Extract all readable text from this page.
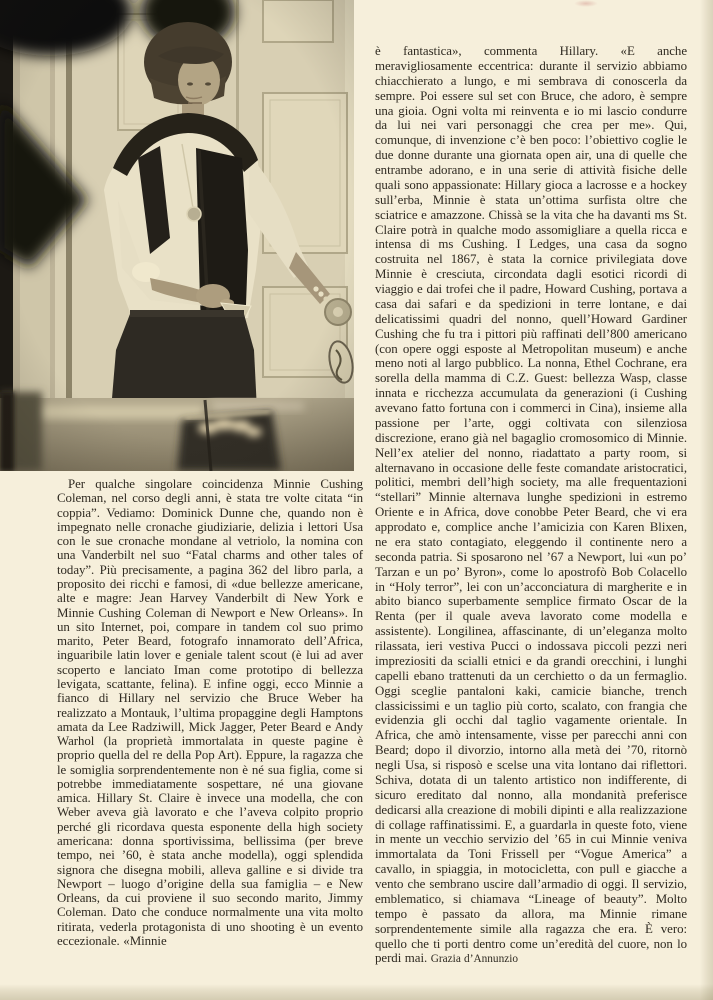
Per qualche singolare coincidenza Minnie Cushing Coleman, nel corso degli anni, è stata tre volte citata “in coppia”. Vediamo: Dominick Dunne che, quando non è impegnato nelle cronache giudiziarie, delizia i lettori Usa con le sue cronache mondane al vetriolo, la nomina con una Vanderbilt nel suo “Fatal charms and other tales of today”. Più precisamente, a pagina 362 del libro parla, a proposito dei ricchi e famosi, di «due bellezze americane, alte e magre: Jean Harvey Vanderbilt di New York e Minnie Cushing Coleman di Newport e New Orleans». In un sito Internet, poi, compare in tandem col suo primo marito, Peter Beard, fotografo innamorato dell’Africa, inguaribile latin lover e geniale talent scout (è lui ad aver scoperto e lanciato Iman come prototipo di bellezza levigata, scattante, felina). E infine oggi, ecco Minnie a fianco di Hillary nel servizio che Bruce Weber ha realizzato a Montauk, l’ultima propaggine degli Hamptons amata da Lee Radziwill, Mick Jagger, Peter Beard e Andy Warhol (la proprietà immortalata in queste pagine è proprio quella del re della Pop Art). Eppure, la ragazza che le somiglia sorprendentemente non è né sua figlia, come si potrebbe immediatamente sospettare, né una giovane amica. Hillary St. Claire è invece una modella, che con Weber aveva già lavorato e che l’aveva colpito proprio perché gli ricordava questa esponente della high society americana: donna sportivissima, bellissima (per breve tempo, nei ’60, è stata anche modella), oggi splendida signora che disegna mobili, alleva galline e si divide tra Newport – luogo d’origine della sua famiglia – e New Orleans, da cui proviene il suo secondo marito, Jimmy Coleman. Dato che conduce normalmente una vita molto ritirata, vederla protagonista di uno shooting è un evento eccezionale. «Minnie
è fantastica», commenta Hillary. «E anche meravigliosamente eccentrica: durante il servizio abbiamo chiacchierato a lungo, e mi sembrava di conoscerla da sempre. Poi essere sul set con Bruce, che adoro, è sempre una gioia. Ogni volta mi reinventa e io mi lascio condurre da lui nei vari personaggi che crea per me». Qui, comunque, di invenzione c’è ben poco: l’obiettivo coglie le due donne durante una giornata open air, una di quelle che entrambe adorano, e in una serie di attività fisiche delle quali sono appassionate: Hillary gioca a lacrosse e a hockey sull’erba, Minnie è stata un’ottima surfista oltre che sciatrice e amazzone. Chissà se la vita che ha davanti ms St. Claire potrà in qualche modo assomigliare a quella ricca e intensa di ms Cushing. I Ledges, una casa da sogno costruita nel 1867, è stata la cornice privilegiata dove Minnie è cresciuta, circondata dagli esotici ricordi di viaggio e dai trofei che il padre, Howard Cushing, portava a casa dai safari e da spedizioni in terre lontane, e dai delicatissimi quadri del nonno, quell’Howard Gardiner Cushing che fu tra i pittori più raffinati dell’800 americano (con opere oggi esposte al Metropolitan museum) e anche meno noti al largo pubblico. La nonna, Ethel Cochrane, era sorella della mamma di C.Z. Guest: bellezza Wasp, classe innata e ricchezza accumulata da generazioni (i Cushing avevano fatto fortuna con i commerci in Cina), insieme alla passione per l’arte, oggi coltivata con silenziosa discrezione, erano già nel bagaglio cromosomico di Minnie. Nell’ex atelier del nonno, riadattato a party room, si alternavano in occasione delle feste comandate aristocratici, politici, membri dell’high society, ma alle frequentazioni “stellari” Minnie alternava lunghe spedizioni in estremo Oriente e in Africa, dove conobbe Peter Beard, che vi era approdato e, complice anche l’amicizia con Karen Blixen, ne era stato contagiato, eleggendo il continente nero a seconda patria. Si sposarono nel ’67 a Newport, lui «un po’ Tarzan e un po’ Byron», come lo apostrofò Bob Colacello in “Holy terror”, lei con un’acconciatura di margherite e in abito bianco superbamente semplice firmato Oscar de la Renta (per il quale aveva lavorato come modella e assistente). Longilinea, affascinante, di un’eleganza molto rilassata, ieri vestiva Pucci o indossava piccoli pezzi neri impreziositi da scialli etnici e da grandi orecchini, i lunghi capelli ebano trattenuti da un cerchietto o da un fermaglio. Oggi sceglie pantaloni kaki, camicie bianche, trench classicissimi e un taglio più corto, scalato, con frangia che evidenzia gli occhi dal taglio vagamente orientale. In Africa, che amò intensamente, visse per parecchi anni con Beard; dopo il divorzio, intorno alla metà dei ’70, ritornò negli Usa, si risposò e scelse una vita lontano dai riflettori. Schiva, dotata di un talento artistico non indifferente, di sicuro ereditato dal nonno, alla mondanità preferisce dedicarsi alla creazione di mobili dipinti e alla realizzazione di collage raffinatissimi. E, a guardarla in queste foto, viene in mente un vecchio servizio del ’65 in cui Minnie veniva immortalata da Toni Frissell per “Vogue America” a cavallo, in spiaggia, in motocicletta, con pull e giacche a vento che sembrano uscire dall’armadio di oggi. Il servizio, emblematico, si chiamava “Lineage of beauty”. Molto tempo è passato da allora, ma Minnie rimane sorprendentemente simile alla ragazza che era. È vero: quello che ti porti dentro come un’eredità del cuore, non lo perdi mai. Grazia d’Annunzio
